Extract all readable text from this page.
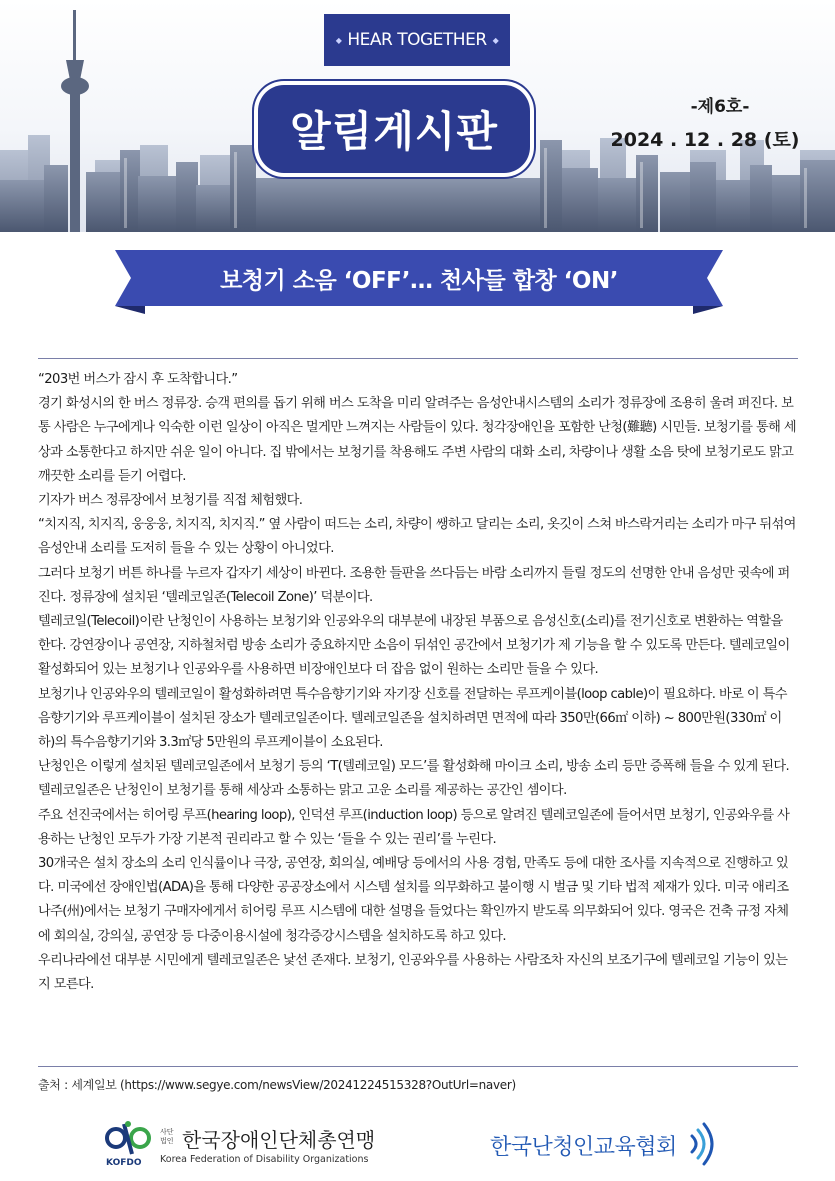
◆ HEAR TOGETHER ◆
알림게시판	-제6호-
2024 . 12 . 28 (토)
보청기 소음 ‘OFF’… 천사들 합창 ‘ON’

“203번 버스가 잠시 후 도착합니다.”

경기 화성시의 한 버스 정류장. 승객 편의를 돕기 위해 버스 도착을 미리 알려주는 음성안내시스템의 소리가 정류장에 조용히 울려 퍼진다. 보통 사람은 누구에게나 익숙한 이런 일상이 아직은 멀게만 느껴지는 사람들이 있다. 청각장애인을 포함한 난청(難聽) 시민들. 보청기를 통해 세상과 소통한다고 하지만 쉬운 일이 아니다. 집 밖에서는 보청기를 착용해도 주변 사람의 대화 소리, 차량이나 생활 소음 탓에 보청기로도 맑고 깨끗한 소리를 듣기 어렵다.

기자가 버스 정류장에서 보청기를 직접 체험했다.

“치지직, 치지직, 웅웅웅, 치지직, 치지직.” 옆 사람이 떠드는 소리, 차량이 쌩하고 달리는 소리, 옷깃이 스쳐 바스락거리는 소리가 마구 뒤섞여 음성안내 소리를 도저히 들을 수 있는 상황이 아니었다.

그러다 보청기 버튼 하나를 누르자 갑자기 세상이 바뀐다. 조용한 들판을 쓰다듬는 바람 소리까지 들릴 정도의 선명한 안내 음성만 귓속에 퍼진다. 정류장에 설치된 ‘텔레코일존(Telecoil Zone)’ 덕분이다.

텔레코일(Telecoil)이란 난청인이 사용하는 보청기와 인공와우의 대부분에 내장된 부품으로 음성신호(소리)를 전기신호로 변환하는 역할을 한다. 강연장이나 공연장, 지하철처럼 방송 소리가 중요하지만 소음이 뒤섞인 공간에서 보청기가 제 기능을 할 수 있도록 만든다. 텔레코일이 활성화되어 있는 보청기나 인공와우를 사용하면 비장애인보다 더 잡음 없이 원하는 소리만 들을 수 있다.

보청기나 인공와우의 텔레코일이 활성화하려면 특수음향기기와 자기장 신호를 전달하는 루프케이블(loop cable)이 필요하다. 바로 이 특수음향기기와 루프케이블이 설치된 장소가 텔레코일존이다. 텔레코일존을 설치하려면 면적에 따라 350만(66㎡ 이하) ~ 800만원(330㎡ 이하)의 특수음향기기와 3.3㎡당 5만원의 루프케이블이 소요된다.

난청인은 이렇게 설치된 텔레코일존에서 보청기 등의 ‘T(텔레코일) 모드’를 활성화해 마이크 소리, 방송 소리 등만 증폭해 들을 수 있게 된다. 텔레코일존은 난청인이 보청기를 통해 세상과 소통하는 맑고 고운 소리를 제공하는 공간인 셈이다.

주요 선진국에서는 히어링 루프(hearing loop), 인덕션 루프(induction loop) 등으로 알려진 텔레코일존에 들어서면 보청기, 인공와우를 사용하는 난청인 모두가 가장 기본적 권리라고 할 수 있는 ‘들을 수 있는 권리’를 누린다.

30개국은 설치 장소의 소리 인식률이나 극장, 공연장, 회의실, 예배당 등에서의 사용 경험, 만족도 등에 대한 조사를 지속적으로 진행하고 있다. 미국에선 장애인법(ADA)을 통해 다양한 공공장소에서 시스템 설치를 의무화하고 불이행 시 벌금 및 기타 법적 제재가 있다. 미국 애리조나주(州)에서는 보청기 구매자에게서 히어링 루프 시스템에 대한 설명을 들었다는 확인까지 받도록 의무화되어 있다. 영국은 건축 규정 자체에 회의실, 강의실, 공연장 등 다중이용시설에 청각증강시스템을 설치하도록 하고 있다.

우리나라에선 대부분 시민에게 텔레코일존은 낯선 존재다. 보청기, 인공와우를 사용하는 사람조차 자신의 보조기구에 텔레코일 기능이 있는지 모른다.

출처 : 세계일보 (https://www.segye.com/newsView/20241224515328?OutUrl=naver)
KOFDO
사단법인 한국장애인단체총연맹
Korea Federation of Disability Organizations	한국난청인교육협회
